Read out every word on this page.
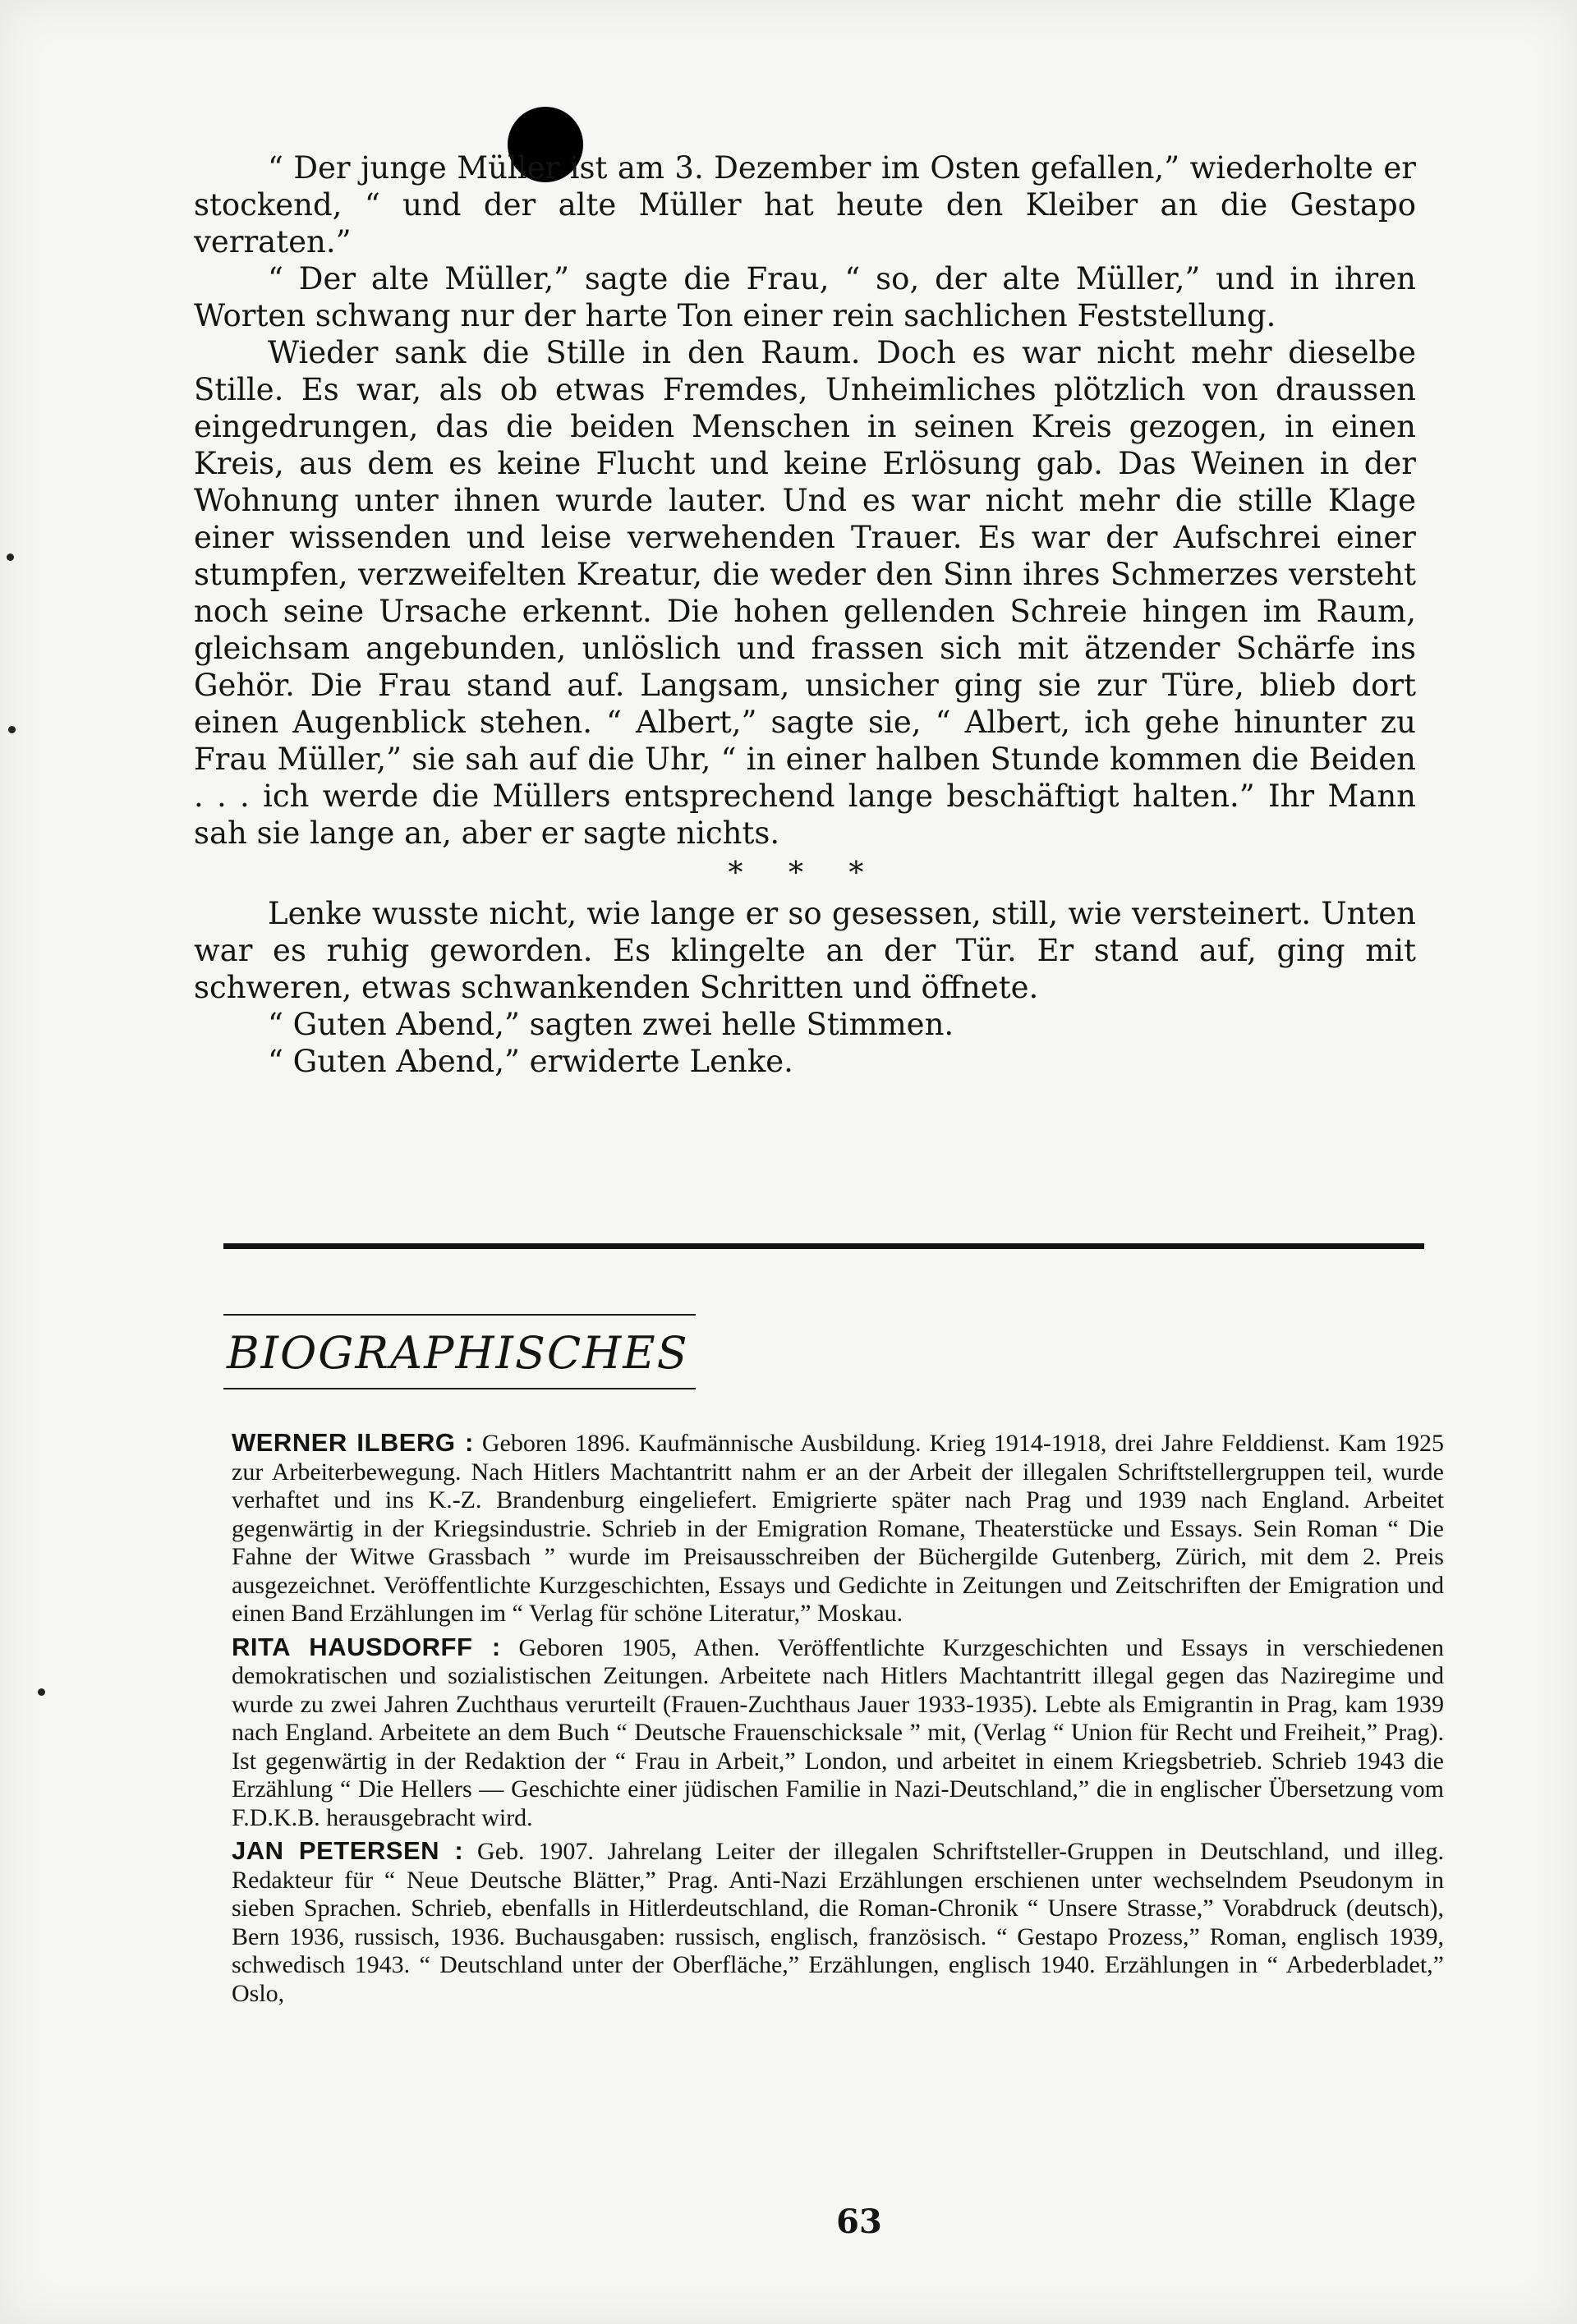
“ Der junge Müller ist am 3. Dezember im Osten gefallen,” wiederholte er stockend, “ und der alte Müller hat heute den Kleiber an die Gestapo verraten.”

“ Der alte Müller,” sagte die Frau, “ so, der alte Müller,” und in ihren Worten schwang nur der harte Ton einer rein sachlichen Feststellung.

Wieder sank die Stille in den Raum. Doch es war nicht mehr dieselbe Stille. Es war, als ob etwas Fremdes, Unheimliches plötzlich von draussen eingedrungen, das die beiden Menschen in seinen Kreis gezogen, in einen Kreis, aus dem es keine Flucht und keine Erlösung gab. Das Weinen in der Wohnung unter ihnen wurde lauter. Und es war nicht mehr die stille Klage einer wissenden und leise verwehenden Trauer. Es war der Aufschrei einer stumpfen, verzweifelten Kreatur, die weder den Sinn ihres Schmerzes versteht noch seine Ursache erkennt. Die hohen gellenden Schreie hingen im Raum, gleichsam angebunden, unlöslich und frassen sich mit ätzender Schärfe ins Gehör. Die Frau stand auf. Langsam, unsicher ging sie zur Türe, blieb dort einen Augenblick stehen. “ Albert,” sagte sie, “ Albert, ich gehe hinunter zu Frau Müller,” sie sah auf die Uhr, “ in einer halben Stunde kommen die Beiden . . . ich werde die Müllers entsprechend lange beschäftigt halten.” Ihr Mann sah sie lange an, aber er sagte nichts.

* * *

Lenke wusste nicht, wie lange er so gesessen, still, wie versteinert. Unten war es ruhig geworden. Es klingelte an der Tür. Er stand auf, ging mit schweren, etwas schwankenden Schritten und öffnete.

“ Guten Abend,” sagten zwei helle Stimmen.

“ Guten Abend,” erwiderte Lenke.

BIOGRAPHISCHES

WERNER ILBERG : Geboren 1896. Kaufmännische Ausbildung. Krieg 1914-1918, drei Jahre Felddienst. Kam 1925 zur Arbeiterbewegung. Nach Hitlers Machtantritt nahm er an der Arbeit der illegalen Schriftstellergruppen teil, wurde verhaftet und ins K.-Z. Brandenburg eingeliefert. Emigrierte später nach Prag und 1939 nach England. Arbeitet gegenwärtig in der Kriegsindustrie. Schrieb in der Emigration Romane, Theaterstücke und Essays. Sein Roman “ Die Fahne der Witwe Grassbach ” wurde im Preisausschreiben der Büchergilde Gutenberg, Zürich, mit dem 2. Preis ausgezeichnet. Veröffentlichte Kurzgeschichten, Essays und Gedichte in Zeitungen und Zeitschriften der Emigration und einen Band Erzählungen im “ Verlag für schöne Literatur,” Moskau.

RITA HAUSDORFF : Geboren 1905, Athen. Veröffentlichte Kurzgeschichten und Essays in verschiedenen demokratischen und sozialistischen Zeitungen. Arbeitete nach Hitlers Machtantritt illegal gegen das Naziregime und wurde zu zwei Jahren Zuchthaus verurteilt (Frauen-Zuchthaus Jauer 1933-1935). Lebte als Emigrantin in Prag, kam 1939 nach England. Arbeitete an dem Buch “ Deutsche Frauenschicksale ” mit, (Verlag “ Union für Recht und Freiheit,” Prag). Ist gegenwärtig in der Redaktion der “ Frau in Arbeit,” London, und arbeitet in einem Kriegsbetrieb. Schrieb 1943 die Erzählung “ Die Hellers — Geschichte einer jüdischen Familie in Nazi-Deutschland,” die in englischer Übersetzung vom F.D.K.B. herausgebracht wird.

JAN PETERSEN : Geb. 1907. Jahrelang Leiter der illegalen Schriftsteller-Gruppen in Deutschland, und illeg. Redakteur für “ Neue Deutsche Blätter,” Prag. Anti-Nazi Erzählungen erschienen unter wechselndem Pseudonym in sieben Sprachen. Schrieb, ebenfalls in Hitlerdeutschland, die Roman-Chronik “ Unsere Strasse,” Vorabdruck (deutsch), Bern 1936, russisch, 1936. Buchausgaben: russisch, englisch, französisch. “ Gestapo Prozess,” Roman, englisch 1939, schwedisch 1943. “ Deutschland unter der Oberfläche,” Erzählungen, englisch 1940. Erzählungen in “ Arbederbladet,” Oslo,

63
